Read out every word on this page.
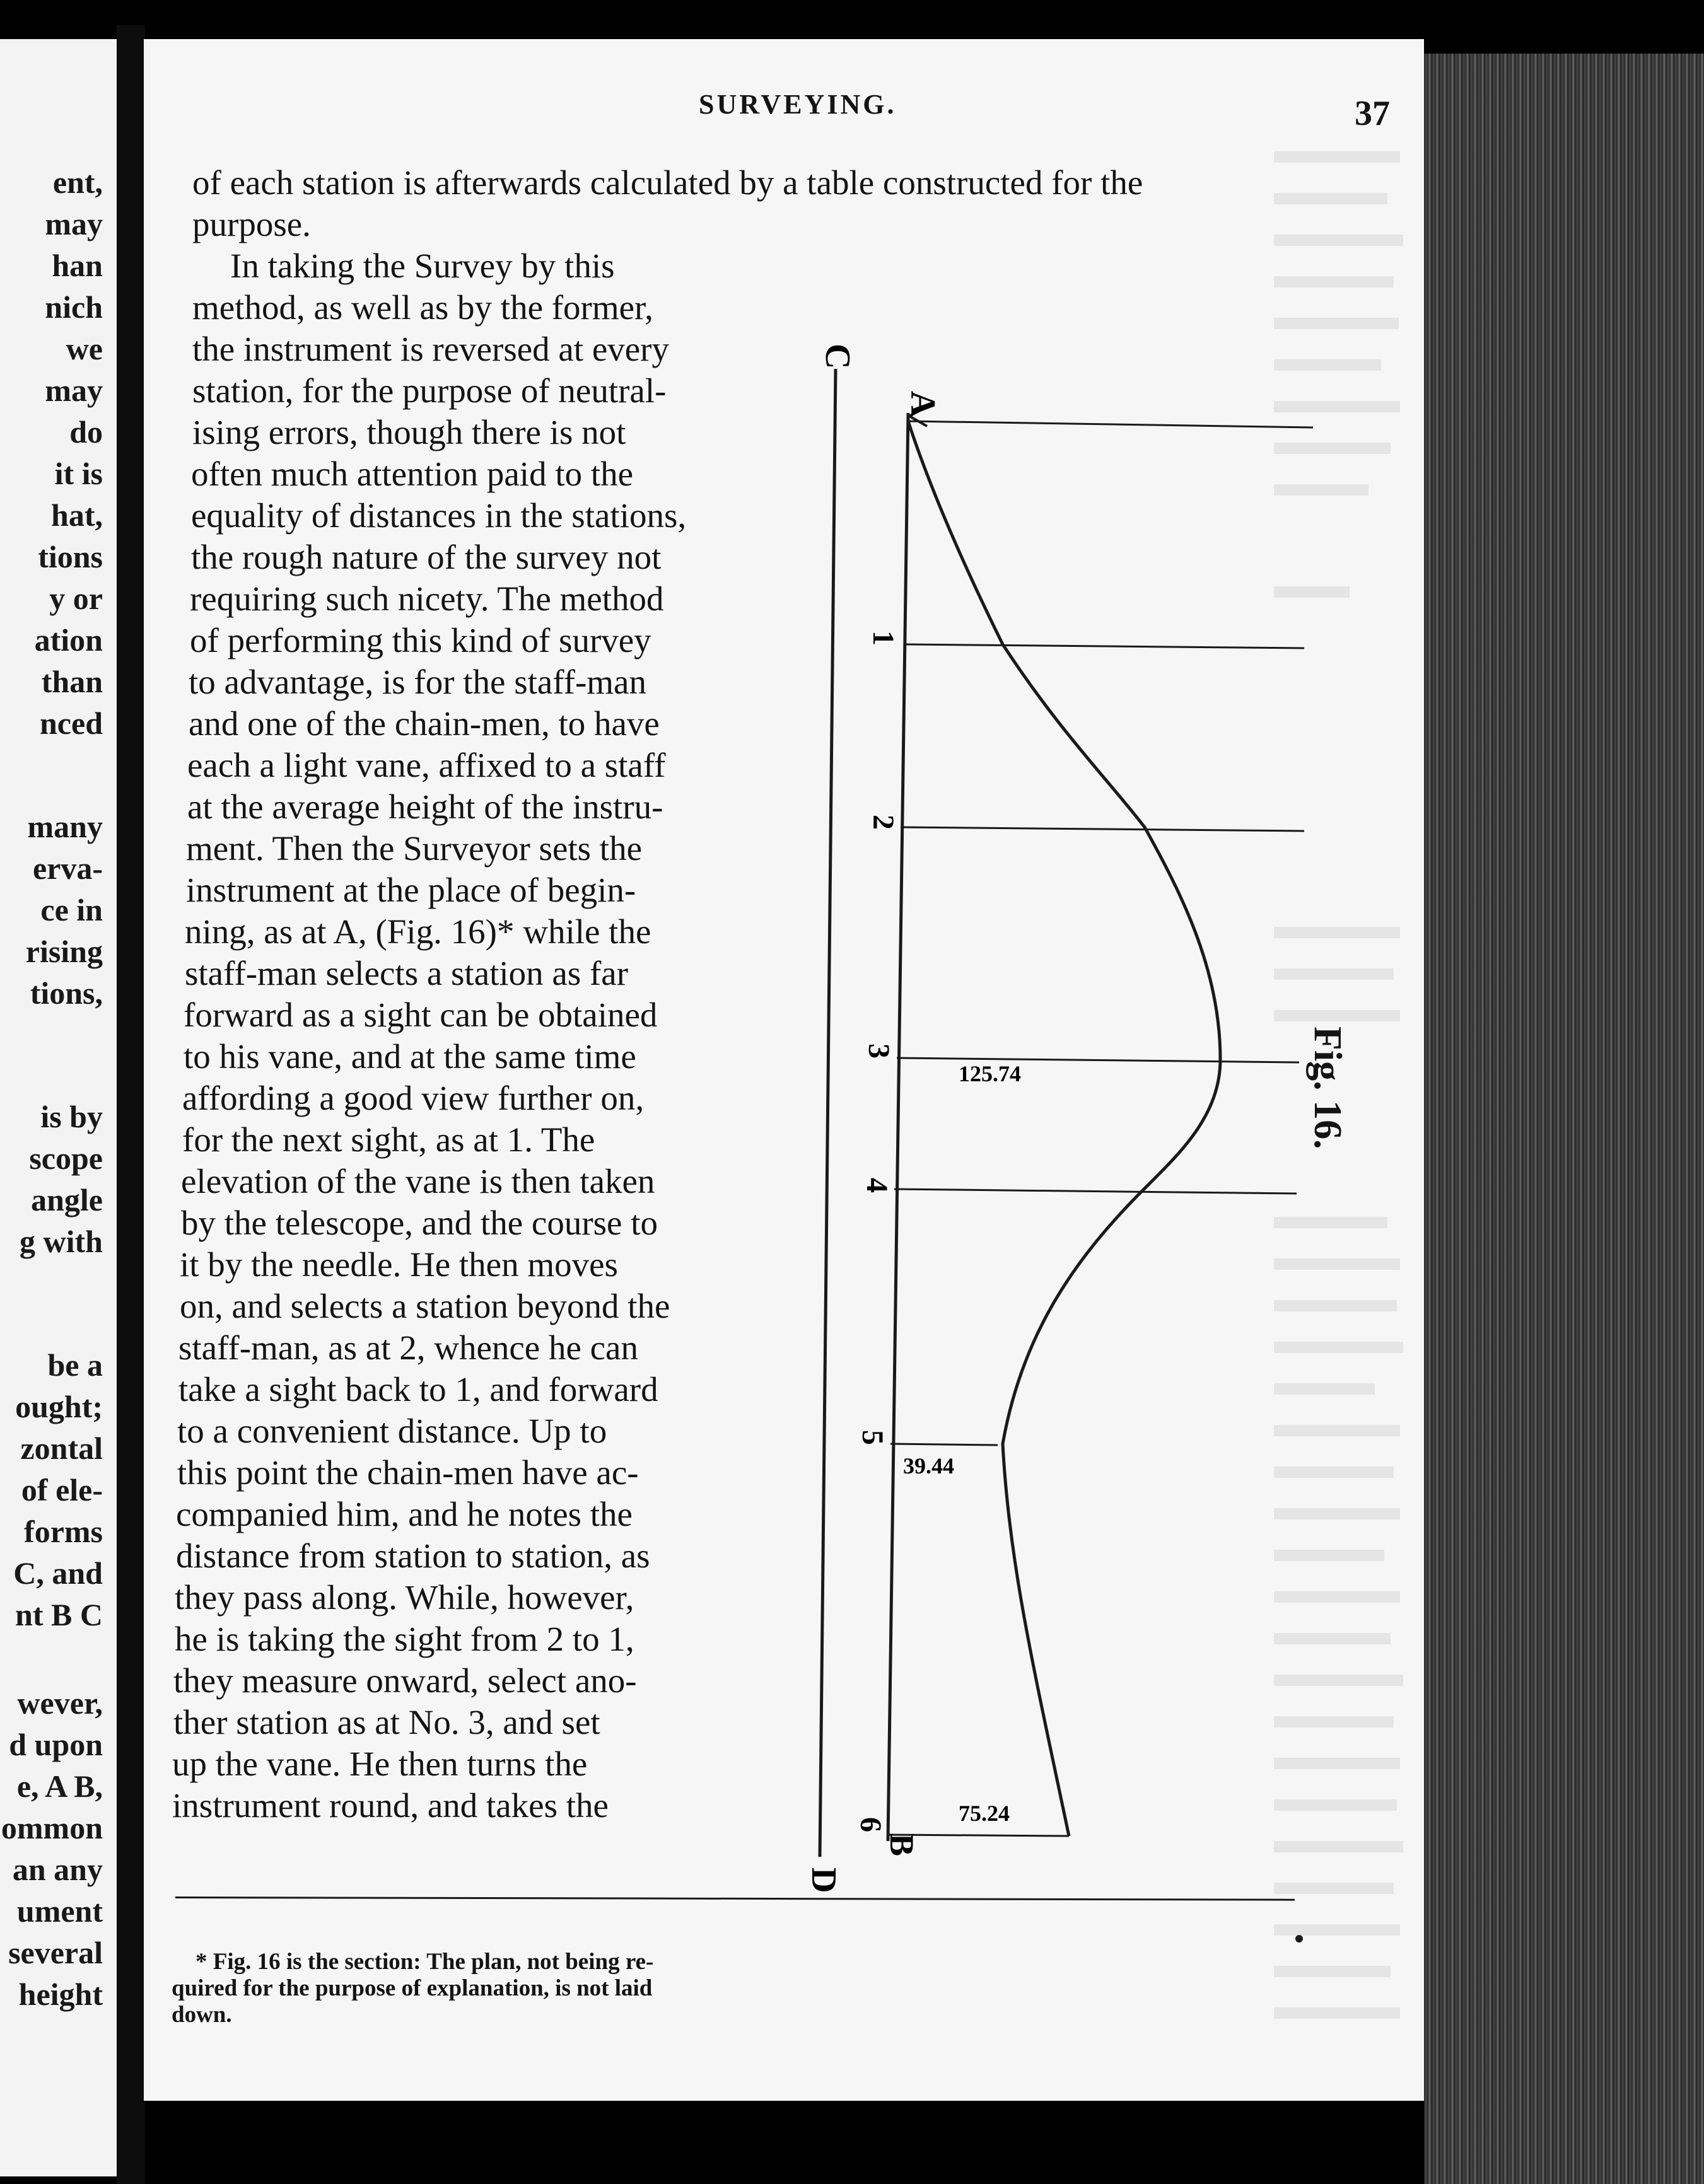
ent,
may
han
nich
we
may
do
it is
hat,
tions
y or
ation
than
nced
many
erva-
ce in
rising
tions,
is by
scope
angle
g with
be a
ought;
zontal
of ele-
forms
C, and
nt B C
wever,
d upon
e, A B,
ommon
an any
ument
several
height
SURVEYING.	37
of each station is afterwards calculated by a table constructed for the
purpose.
In taking the Survey by this
method, as well as by the former,
the instrument is reversed at every
station, for the purpose of neutral-
ising errors, though there is not
often much attention paid to the
equality of distances in the stations,
the rough nature of the survey not
requiring such nicety. The method
of performing this kind of survey
to advantage, is for the staff-man
and one of the chain-men, to have
each a light vane, affixed to a staff
at the average height of the instru-
ment. Then the Surveyor sets the
instrument at the place of begin-
ning, as at A, (Fig. 16)* while the
staff-man selects a station as far
forward as a sight can be obtained
to his vane, and at the same time
affording a good view further on,
for the next sight, as at 1. The
elevation of the vane is then taken
by the telescope, and the course to
it by the needle. He then moves
on, and selects a station beyond the
staff-man, as at 2, whence he can
take a sight back to 1, and forward
to a convenient distance. Up to
this point the chain-men have ac-
companied him, and he notes the
distance from station to station, as
they pass along. While, however,
he is taking the sight from 2 to 1,
they measure onward, select ano-
ther station as at No. 3, and set
up the vane. He then turns the
instrument round, and takes the
* Fig. 16 is the section: The plan, not being re-
quired for the purpose of explanation, is not laid
down.
C
A
1
2
3
4
5
6
B
D
125.74
39.44
75.24
Fig. 16.
